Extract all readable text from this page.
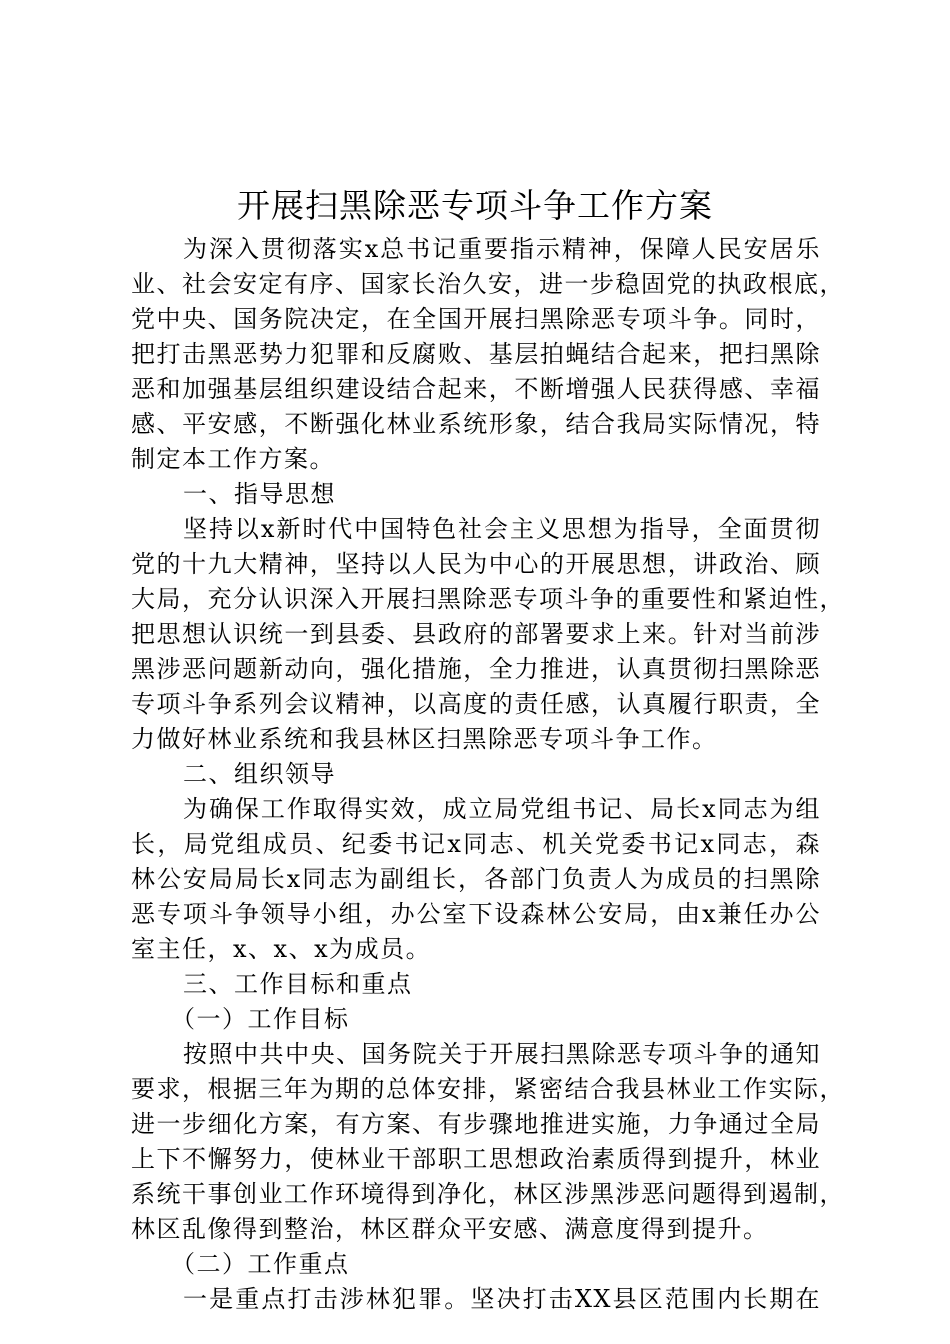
开展扫黑除恶专项斗争工作方案
为深入贯彻落实x总书记重要指示精神，保障人民安居乐
业、社会安定有序、国家长治久安，进一步稳固党的执政根底，
党中央、国务院决定，在全国开展扫黑除恶专项斗争。同时，
把打击黑恶势力犯罪和反腐败、基层拍蝇结合起来，把扫黑除
恶和加强基层组织建设结合起来，不断增强人民获得感、幸福
感、平安感，不断强化林业系统形象，结合我局实际情况，特
制定本工作方案。
一、指导思想
坚持以x新时代中国特色社会主义思想为指导，全面贯彻
党的十九大精神，坚持以人民为中心的开展思想，讲政治、顾
大局，充分认识深入开展扫黑除恶专项斗争的重要性和紧迫性，
把思想认识统一到县委、县政府的部署要求上来。针对当前涉
黑涉恶问题新动向，强化措施，全力推进，认真贯彻扫黑除恶
专项斗争系列会议精神，以高度的责任感，认真履行职责，全
力做好林业系统和我县林区扫黑除恶专项斗争工作。
二、组织领导
为确保工作取得实效，成立局党组书记、局长x同志为组
长，局党组成员、纪委书记x同志、机关党委书记x同志，森
林公安局局长x同志为副组长，各部门负责人为成员的扫黑除
恶专项斗争领导小组，办公室下设森林公安局，由x兼任办公
室主任，x、x、x为成员。
三、工作目标和重点
（一）工作目标
按照中共中央、国务院关于开展扫黑除恶专项斗争的通知
要求，根据三年为期的总体安排，紧密结合我县林业工作实际，
进一步细化方案，有方案、有步骤地推进实施，力争通过全局
上下不懈努力，使林业干部职工思想政治素质得到提升，林业
系统干事创业工作环境得到净化，林区涉黑涉恶问题得到遏制，
林区乱像得到整治，林区群众平安感、满意度得到提升。
（二）工作重点
一是重点打击涉林犯罪。坚决打击XX县区范围内长期在
